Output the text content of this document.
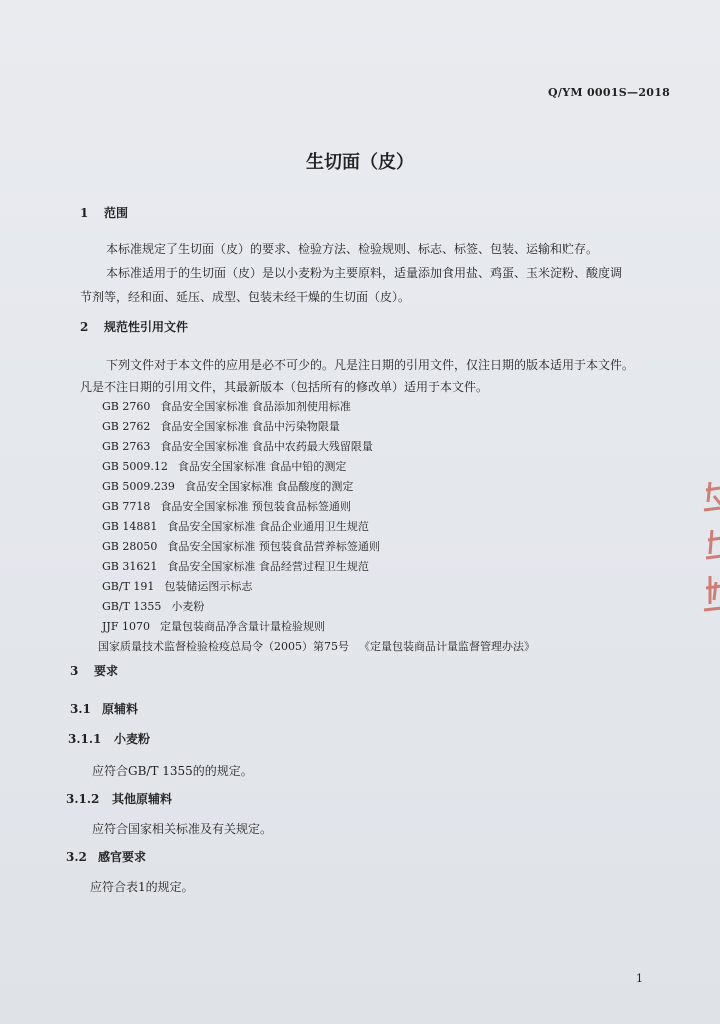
Q/YM 0001S—2018
生切面（皮）
1 范围
本标准规定了生切面（皮）的要求、检验方法、检验规则、标志、标签、包装、运输和贮存。
本标准适用于的生切面（皮）是以小麦粉为主要原料，适量添加食用盐、鸡蛋、玉米淀粉、酸度调
节剂等，经和面、延压、成型、包装未经干燥的生切面（皮）。
2 规范性引用文件
下列文件对于本文件的应用是必不可少的。凡是注日期的引用文件，仅注日期的版本适用于本文件。
凡是不注日期的引用文件，其最新版本（包括所有的修改单）适用于本文件。
GB 2760 食品安全国家标准 食品添加剂使用标准
GB 2762 食品安全国家标准 食品中污染物限量
GB 2763 食品安全国家标准 食品中农药最大残留限量
GB 5009.12 食品安全国家标准 食品中铅的测定
GB 5009.239 食品安全国家标准 食品酸度的测定
GB 7718 食品安全国家标准 预包装食品标签通则
GB 14881 食品安全国家标准 食品企业通用卫生规范
GB 28050 食品安全国家标准 预包装食品营养标签通则
GB 31621 食品安全国家标准 食品经营过程卫生规范
GB/T 191 包装储运图示标志
GB/T 1355 小麦粉
JJF 1070 定量包装商品净含量计量检验规则
国家质量技术监督检验检疫总局令（2005）第75号 《定量包装商品计量监督管理办法》
3 要求
3.1 原辅料
3.1.1 小麦粉
应符合GB/T 1355的的规定。
3.1.2 其他原辅料
应符合国家相关标准及有关规定。
3.2 感官要求
应符合表1的规定。
1
